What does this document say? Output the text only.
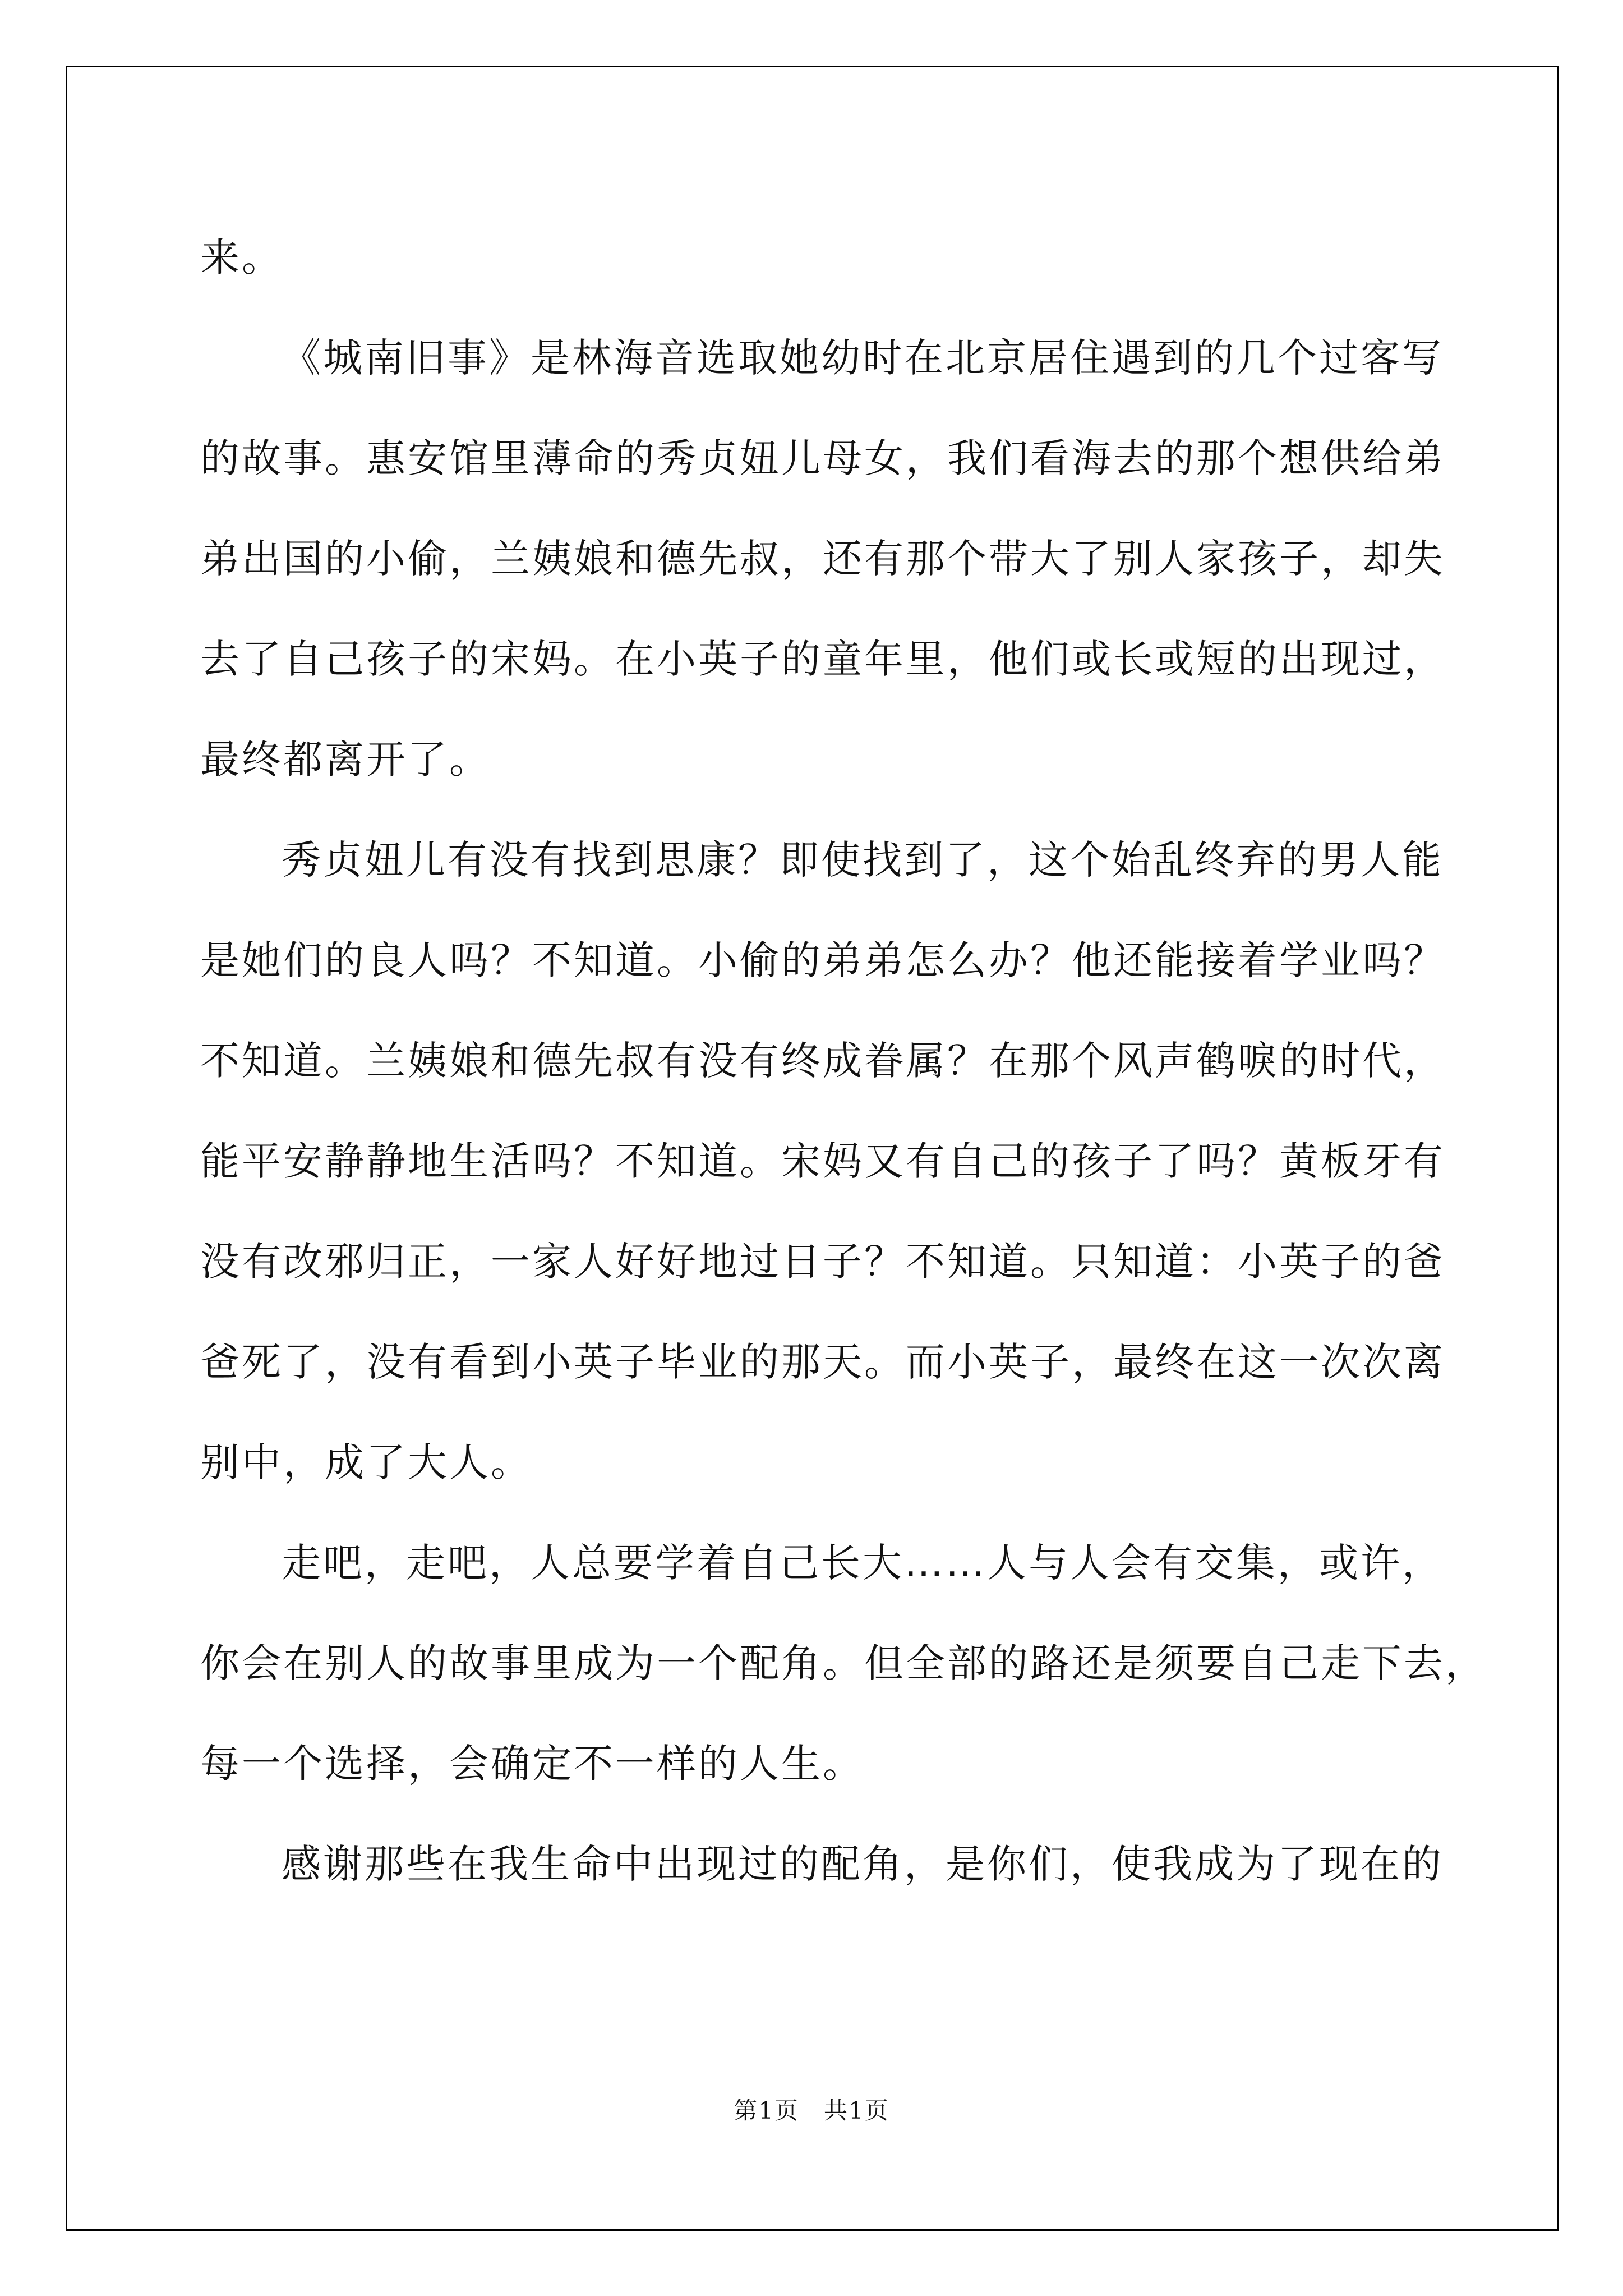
来。
《城南旧事》是林海音选取她幼时在北京居住遇到的几个过客写
的故事。惠安馆里薄命的秀贞妞儿母女，我们看海去的那个想供给弟
弟出国的小偷，兰姨娘和德先叔，还有那个带大了别人家孩子，却失
去了自己孩子的宋妈。在小英子的童年里，他们或长或短的出现过，
最终都离开了。
秀贞妞儿有没有找到思康？即使找到了，这个始乱终弃的男人能
是她们的良人吗？不知道。小偷的弟弟怎么办？他还能接着学业吗？
不知道。兰姨娘和德先叔有没有终成眷属？在那个风声鹤唳的时代，
能平安静静地生活吗？不知道。宋妈又有自己的孩子了吗？黄板牙有
没有改邪归正，一家人好好地过日子？不知道。只知道：小英子的爸
爸死了，没有看到小英子毕业的那天。而小英子，最终在这一次次离
别中，成了大人。
走吧，走吧，人总要学着自己长大……人与人会有交集，或许，
你会在别人的故事里成为一个配角。但全部的路还是须要自己走下去，
每一个选择，会确定不一样的人生。
感谢那些在我生命中出现过的配角，是你们，使我成为了现在的
第1页　共1页
